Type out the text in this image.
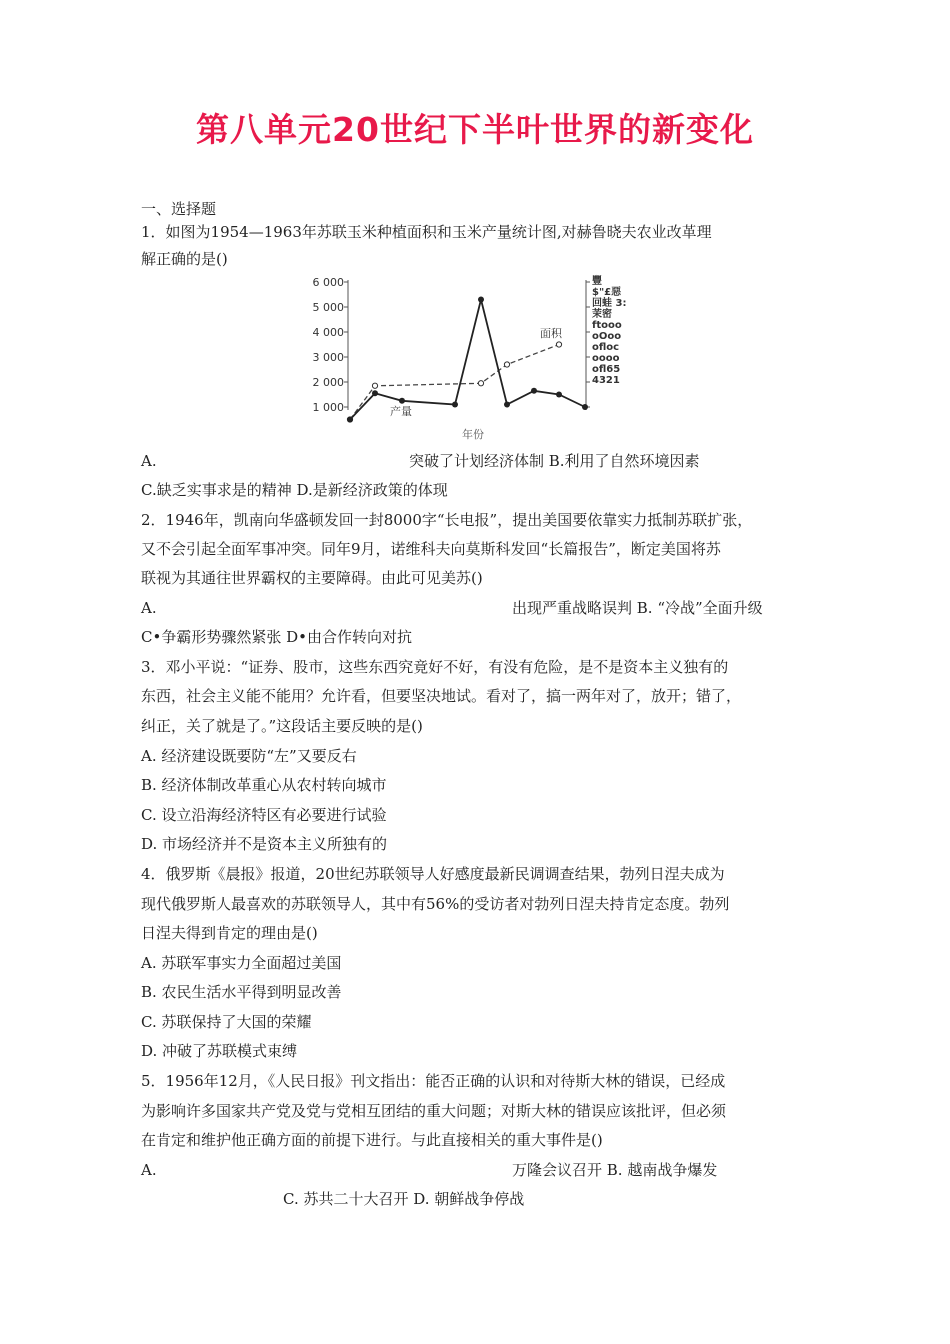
第八单元20世纪下半叶世界的新变化
一、选择题
1．如图为1954—1963年苏联玉米种植面积和玉米产量统计图,对赫鲁晓夫农业改革理
解正确的是()
6 000
5 000
4 000
3 000
2 000
1 000
面积
产量
年份
豐
$"£惡
回蛙 3:
茉密
ftooo
oOoo
ofloc
oooo
ofl65
4321
A.	突破了计划经济体制 B.利用了自然环境因素
C.缺乏实事求是的精神 D.是新经济政策的体现
2．1946年，凯南向华盛顿发回一封8000字“长电报”，提出美国要依靠实力抵制苏联扩张，
又不会引起全面军事冲突。同年9月，诺维科夫向莫斯科发回“长篇报告”，断定美国将苏
联视为其通往世界霸权的主要障碍。由此可见美苏()
A.	出现严重战略误判 B. “冷战”全面升级
C•争霸形势骤然紧张 D•由合作转向对抗
3．邓小平说：“证券、股市，这些东西究竟好不好，有没有危险，是不是资本主义独有的
东西，社会主义能不能用？允许看，但要坚决地试。看对了，搞一两年对了，放开；错了，
纠正，关了就是了。”这段话主要反映的是()
A. 经济建设既要防“左”又要反右
B. 经济体制改革重心从农村转向城市
C. 设立沿海经济特区有必要进行试验
D. 市场经济并不是资本主义所独有的
4．俄罗斯《晨报》报道，20世纪苏联领导人好感度最新民调调查结果，勃列日涅夫成为
现代俄罗斯人最喜欢的苏联领导人，其中有56%的受访者对勃列日涅夫持肯定态度。勃列
日涅夫得到肯定的理由是()
A. 苏联军事实力全面超过美国
B. 农民生活水平得到明显改善
C. 苏联保持了大国的荣耀
D. 冲破了苏联模式束缚
5．1956年12月，《人民日报》刊文指出：能否正确的认识和对待斯大林的错误，已经成
为影响许多国家共产党及党与党相互团结的重大问题；对斯大林的错误应该批评，但必须
在肯定和维护他正确方面的前提下进行。与此直接相关的重大事件是()
A.	万隆会议召开 B. 越南战争爆发
C. 苏共二十大召开 D. 朝鲜战争停战
